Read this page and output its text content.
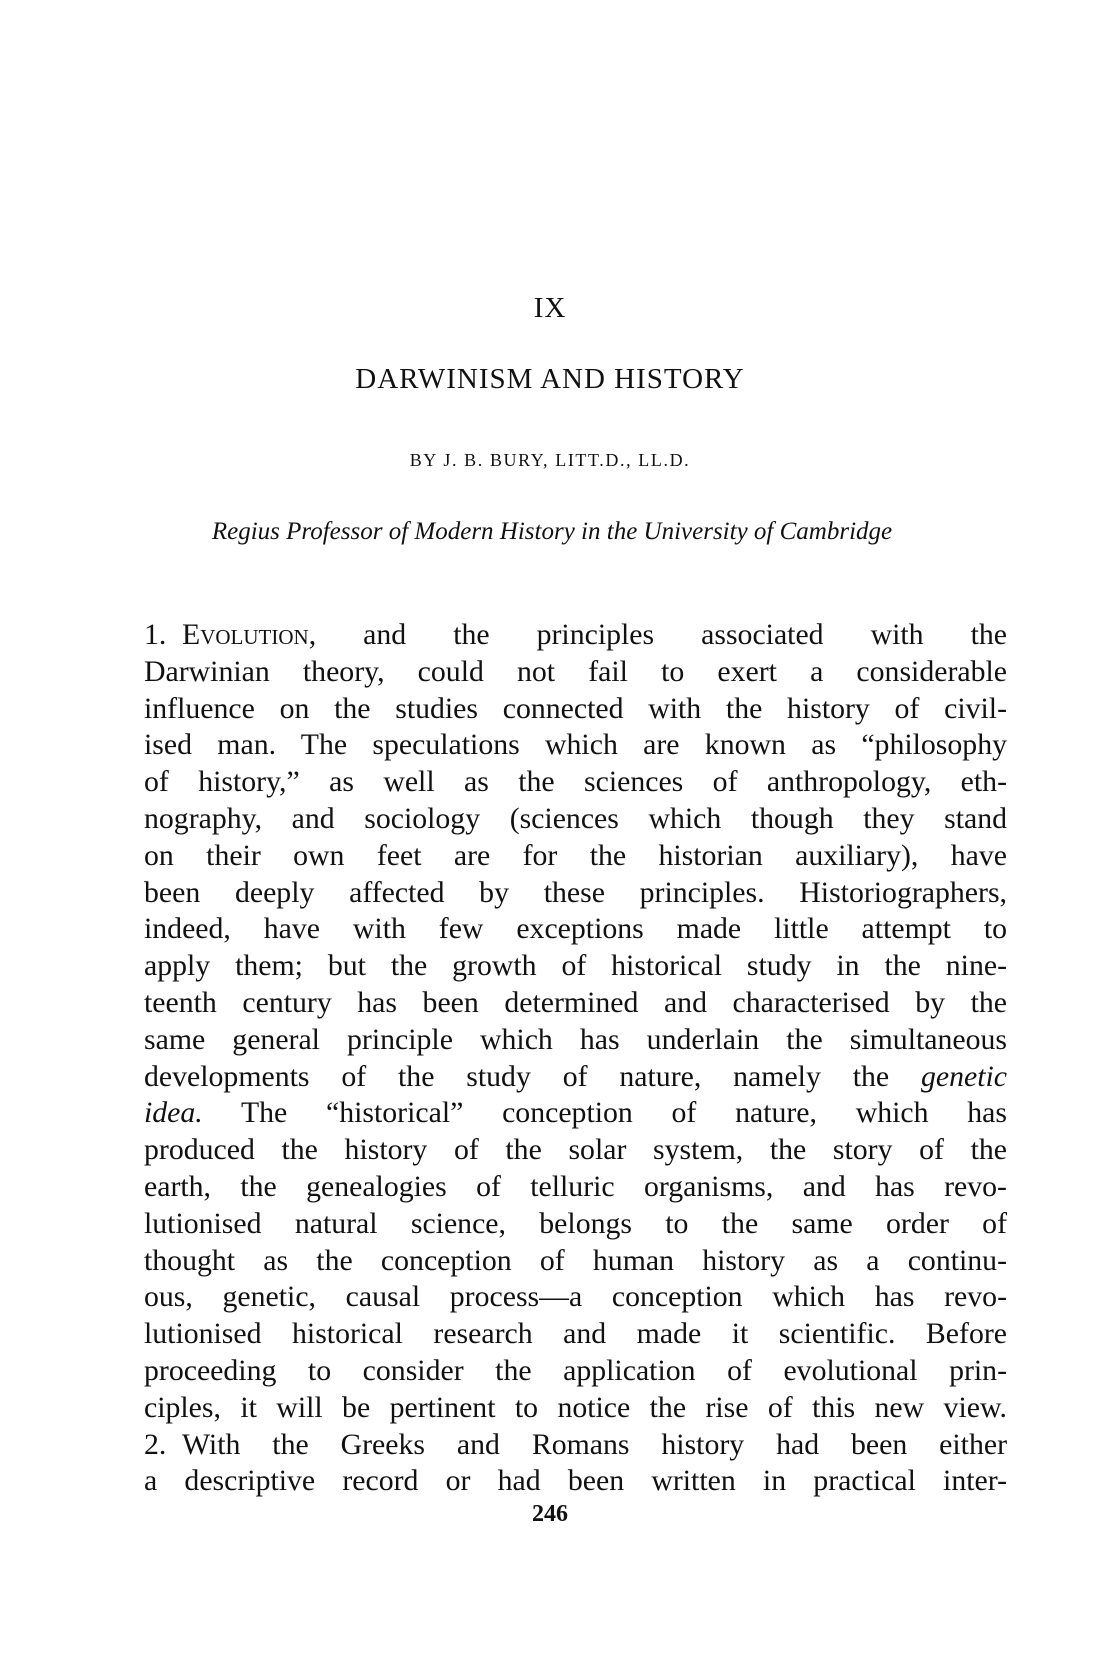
IX
DARWINISM AND HISTORY
BY J. B. BURY, LITT.D., LL.D.
Regius Professor of Modern History in the University of Cambridge
1. Evolution, and the principles associated with the
Darwinian theory, could not fail to exert a considerable
influence on the studies connected with the history of civil-
ised man. The speculations which are known as “philosophy
of history,” as well as the sciences of anthropology, eth-
nography, and sociology (sciences which though they stand
on their own feet are for the historian auxiliary), have
been deeply affected by these principles. Historiographers,
indeed, have with few exceptions made little attempt to
apply them; but the growth of historical study in the nine-
teenth century has been determined and characterised by the
same general principle which has underlain the simultaneous
developments of the study of nature, namely the genetic
idea. The “historical” conception of nature, which has
produced the history of the solar system, the story of the
earth, the genealogies of telluric organisms, and has revo-
lutionised natural science, belongs to the same order of
thought as the conception of human history as a continu-
ous, genetic, causal process—a conception which has revo-
lutionised historical research and made it scientific. Before
proceeding to consider the application of evolutional prin-
ciples, it will be pertinent to notice the rise of this new view.
2. With the Greeks and Romans history had been either
a descriptive record or had been written in practical inter-
246
